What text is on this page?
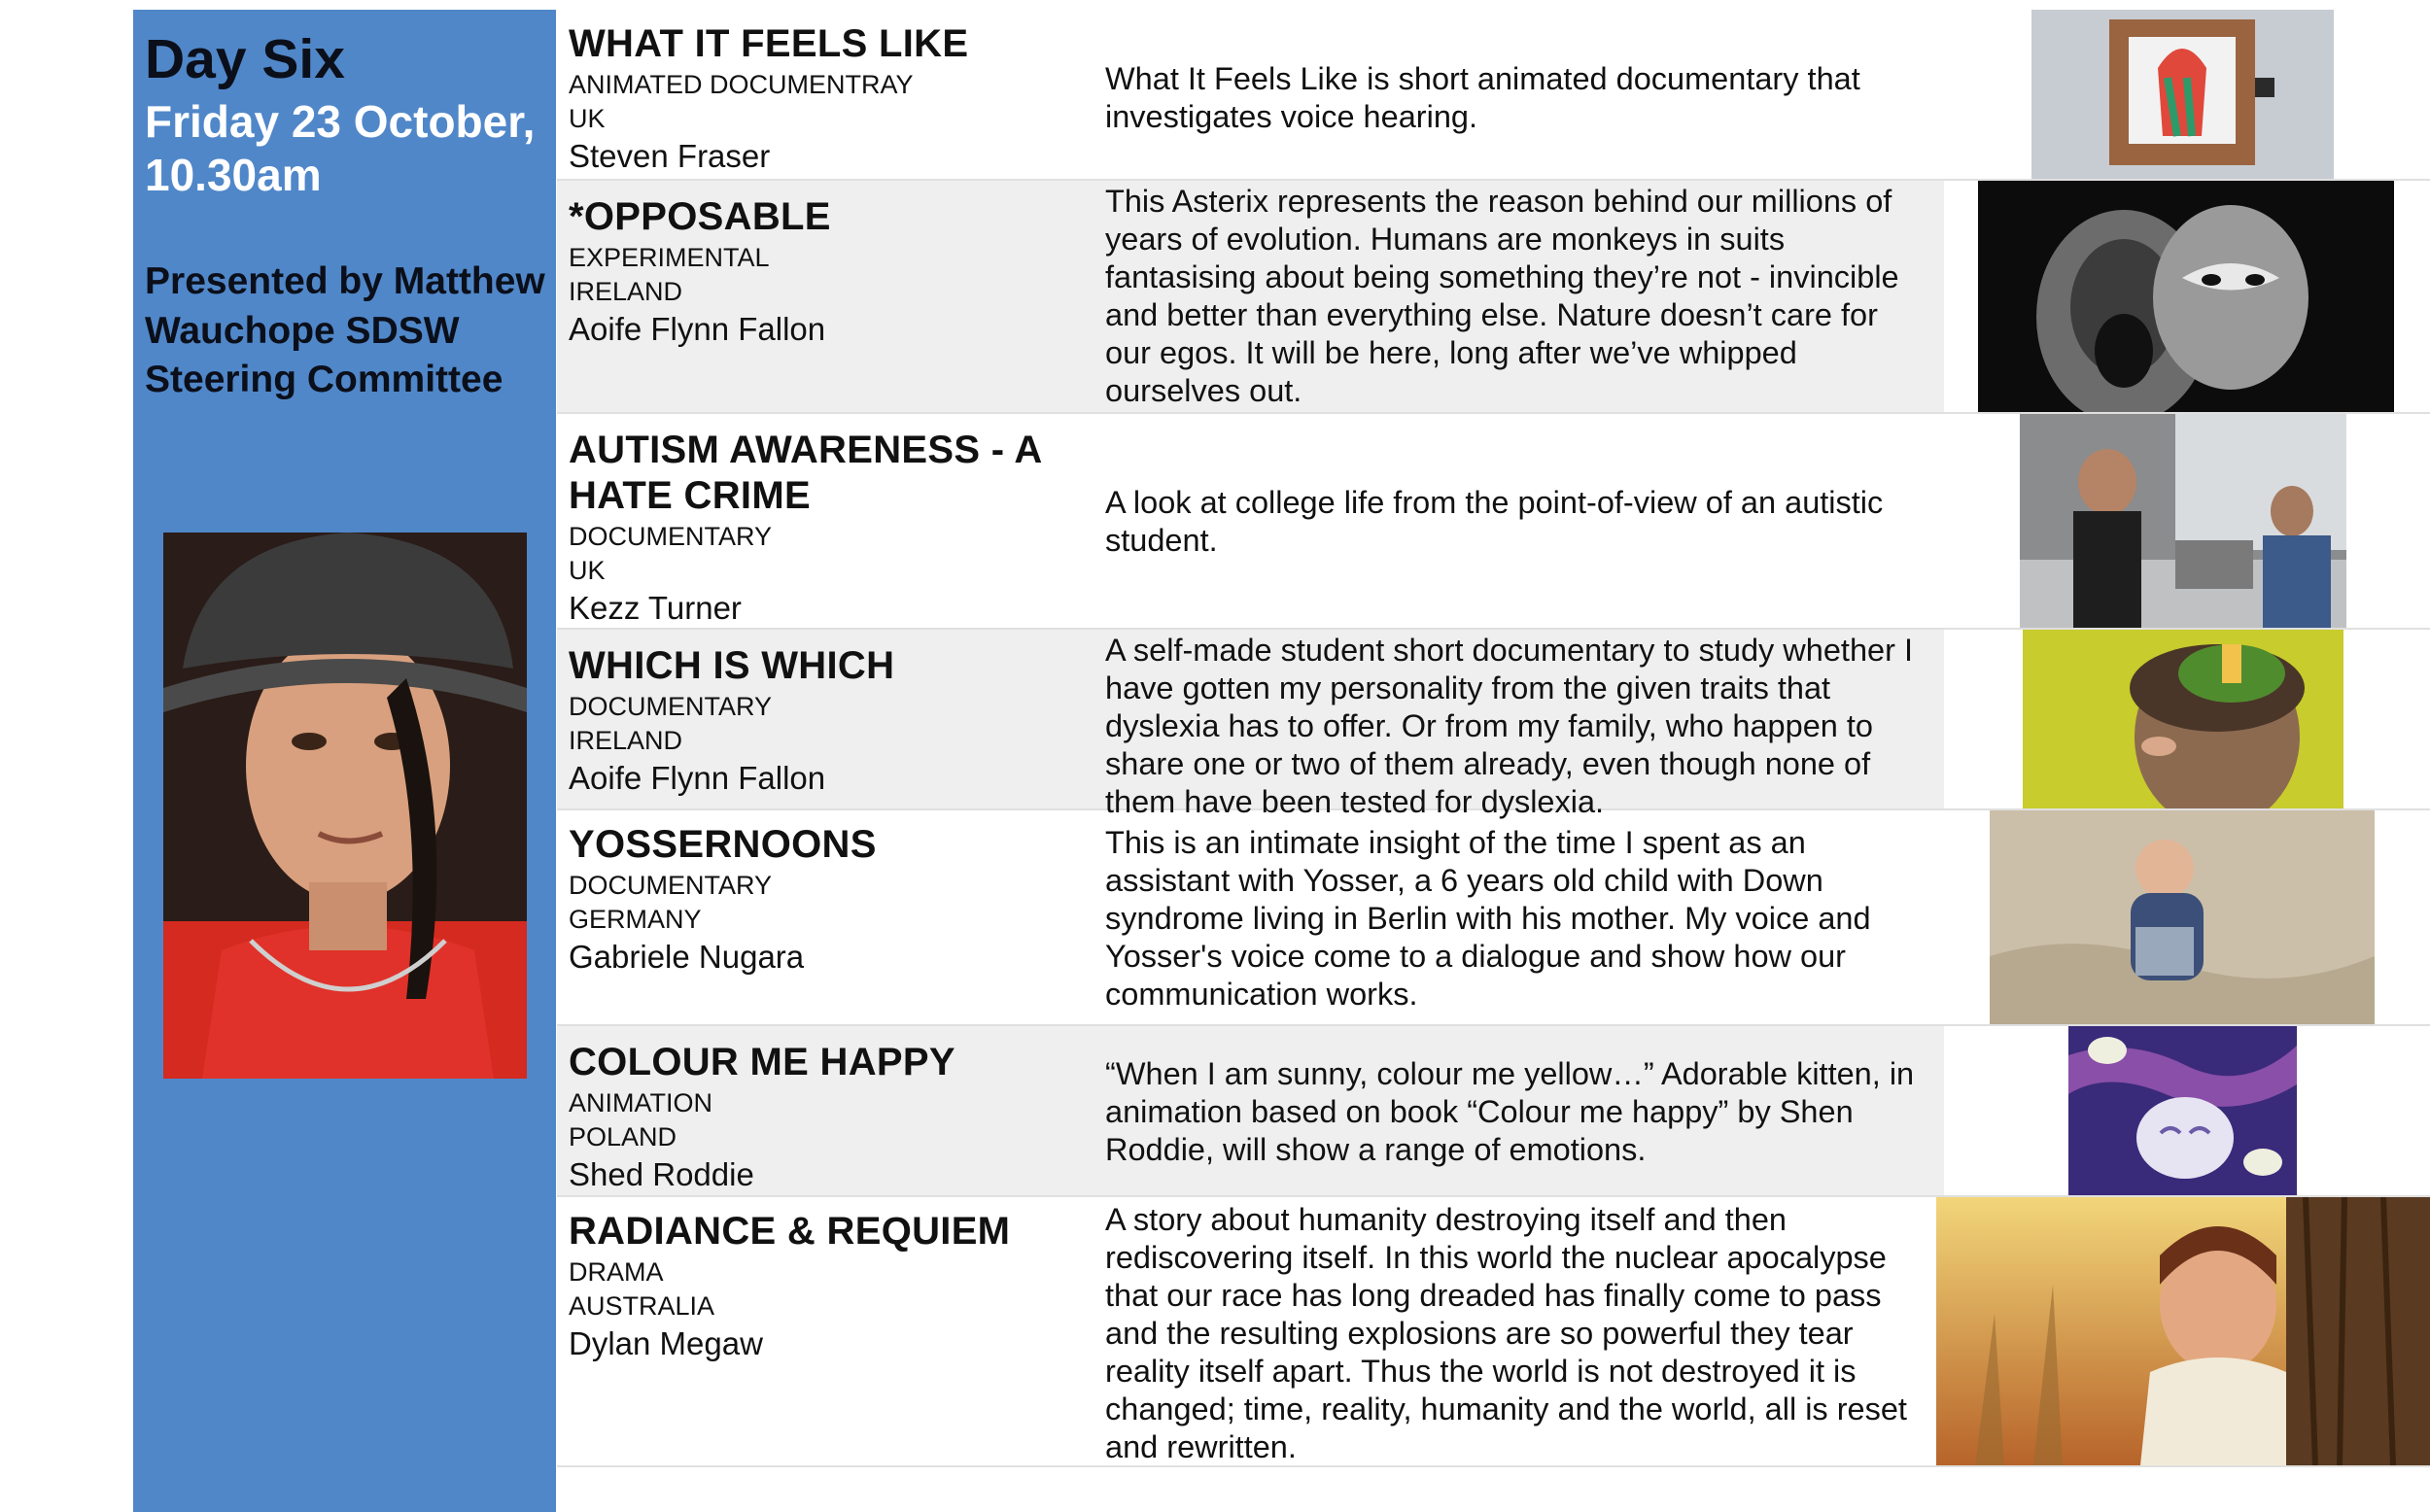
Day Six
Friday 23 October, 10.30am
Presented by Matthew Wauchope SDSW Steering Committee
WHAT IT FEELS LIKE
ANIMATED DOCUMENTRAY
UK
Steven Fraser
What It Feels Like is short animated documentary that investigates voice hearing.
*OPPOSABLE
EXPERIMENTAL
IRELAND
Aoife Flynn Fallon
This Asterix represents the reason behind our millions of years of evolution. Humans are monkeys in suits fantasising about being something they’re not - invincible and better than everything else. Nature doesn’t care for our egos. It will be here, long after we’ve whipped ourselves out.
AUTISM AWARENESS - A HATE CRIME
DOCUMENTARY
UK
Kezz Turner
A look at college life from the point-of-view of an autistic student.
WHICH IS WHICH
DOCUMENTARY
IRELAND
Aoife Flynn Fallon
A self-made student short documentary to study whether I have gotten my personality from the given traits that dyslexia has to offer. Or from my family, who happen to share one or two of them already, even though none of them have been tested for dyslexia.
YOSSERNOONS
DOCUMENTARY
GERMANY
Gabriele Nugara
This is an intimate insight of the time I spent as an assistant with Yosser, a 6 years old child with Down syndrome living in Berlin with his mother. My voice and Yosser's voice come to a dialogue and show how our communication works.
COLOUR ME HAPPY
ANIMATION
POLAND
Shed Roddie
“When I am sunny, colour me yellow…” Adorable kitten, in animation based on book “Colour me happy” by Shen Roddie, will show a range of emotions.
RADIANCE & REQUIEM
DRAMA
AUSTRALIA
Dylan Megaw
A story about humanity destroying itself and then rediscovering itself. In this world the nuclear apocalypse that our race has long dreaded has finally come to pass and the resulting explosions are so powerful they tear reality itself apart. Thus the world is not destroyed it is changed; time, reality, humanity and the world, all is reset and rewritten.
